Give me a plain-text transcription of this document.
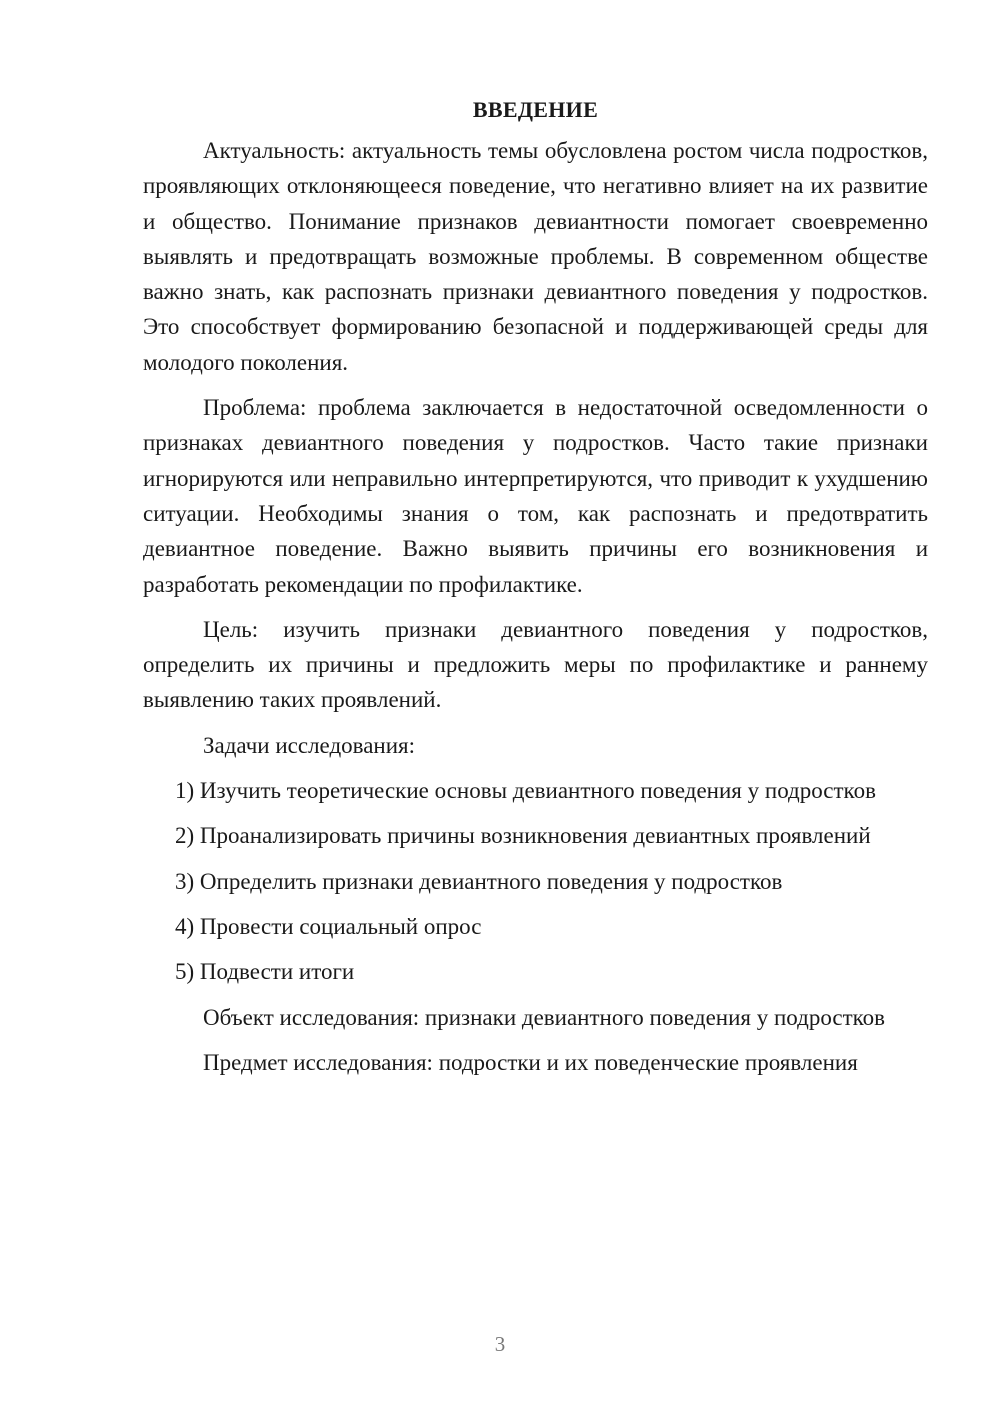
ВВЕДЕНИЕ

Актуальность: актуальность темы обусловлена ростом числа подростков, проявляющих отклоняющееся поведение, что негативно влияет на их развитие и общество. Понимание признаков девиантности помогает своевременно выявлять и предотвращать возможные проблемы. В современном обществе важно знать, как распознать признаки девиантного поведения у подростков. Это способствует формированию безопасной и поддерживающей среды для молодого поколения.

Проблема: проблема заключается в недостаточной осведомленности о признаках девиантного поведения у подростков. Часто такие признаки игнорируются или неправильно интерпретируются, что приводит к ухудшению ситуации. Необходимы знания о том, как распознать и предотвратить девиантное поведение. Важно выявить причины его возникновения и разработать рекомендации по профилактике.

Цель: изучить признаки девиантного поведения у подростков, определить их причины и предложить меры по профилактике и раннему выявлению таких проявлений.

Задачи исследования:

1) Изучить теоретические основы девиантного поведения у подростков

2) Проанализировать причины возникновения девиантных проявлений

3) Определить признаки девиантного поведения у подростков

4) Провести социальный опрос

5) Подвести итоги

Объект исследования: признаки девиантного поведения у подростков

Предмет исследования: подростки и их поведенческие проявления

3
